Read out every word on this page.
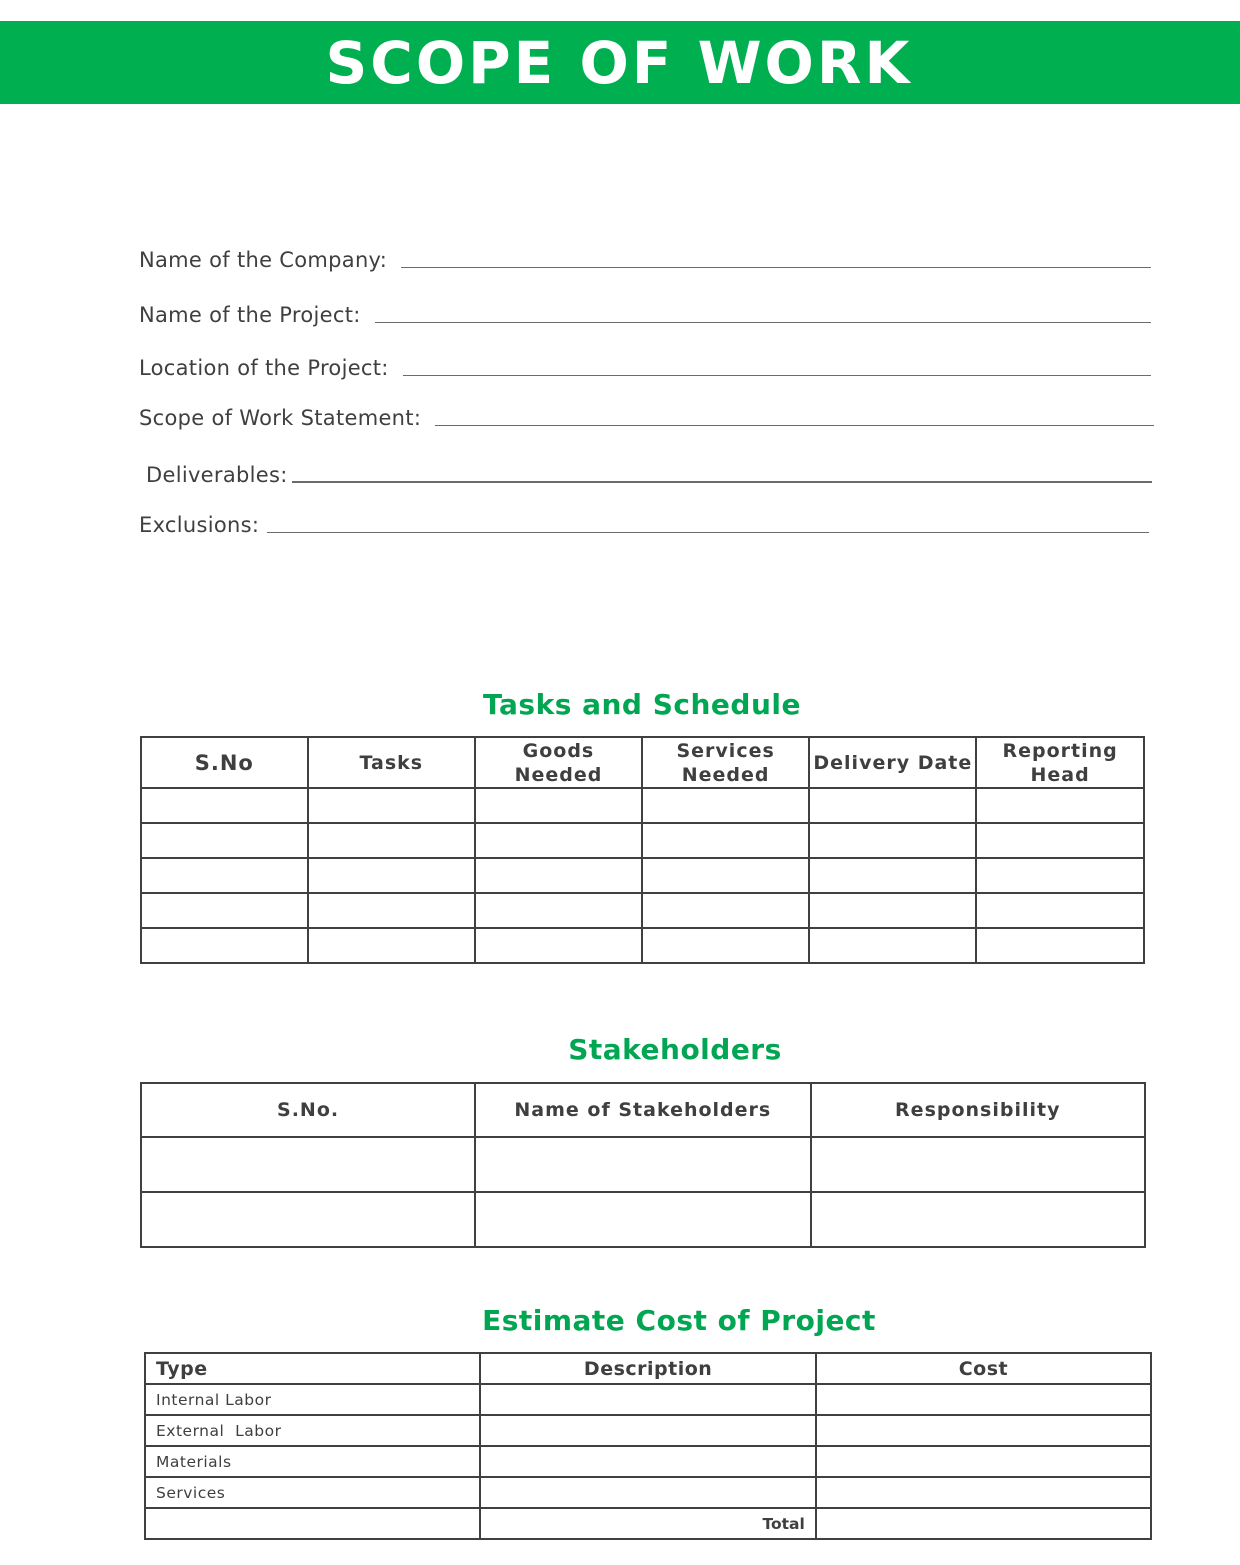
SCOPE OF WORK
Name of the Company:
Name of the Project:
Location of the Project:
Scope of Work Statement:
Deliverables:
Exclusions:
Tasks and Schedule
S.No	Tasks	Goods Needed	Services Needed	Delivery Date	Reporting Head

Stakeholders
S.No.	Name of Stakeholders	Responsibility

Estimate Cost of Project
Type	Description	Cost
Internal Labor		
External  Labor		
Materials		
Services		
	Total	
